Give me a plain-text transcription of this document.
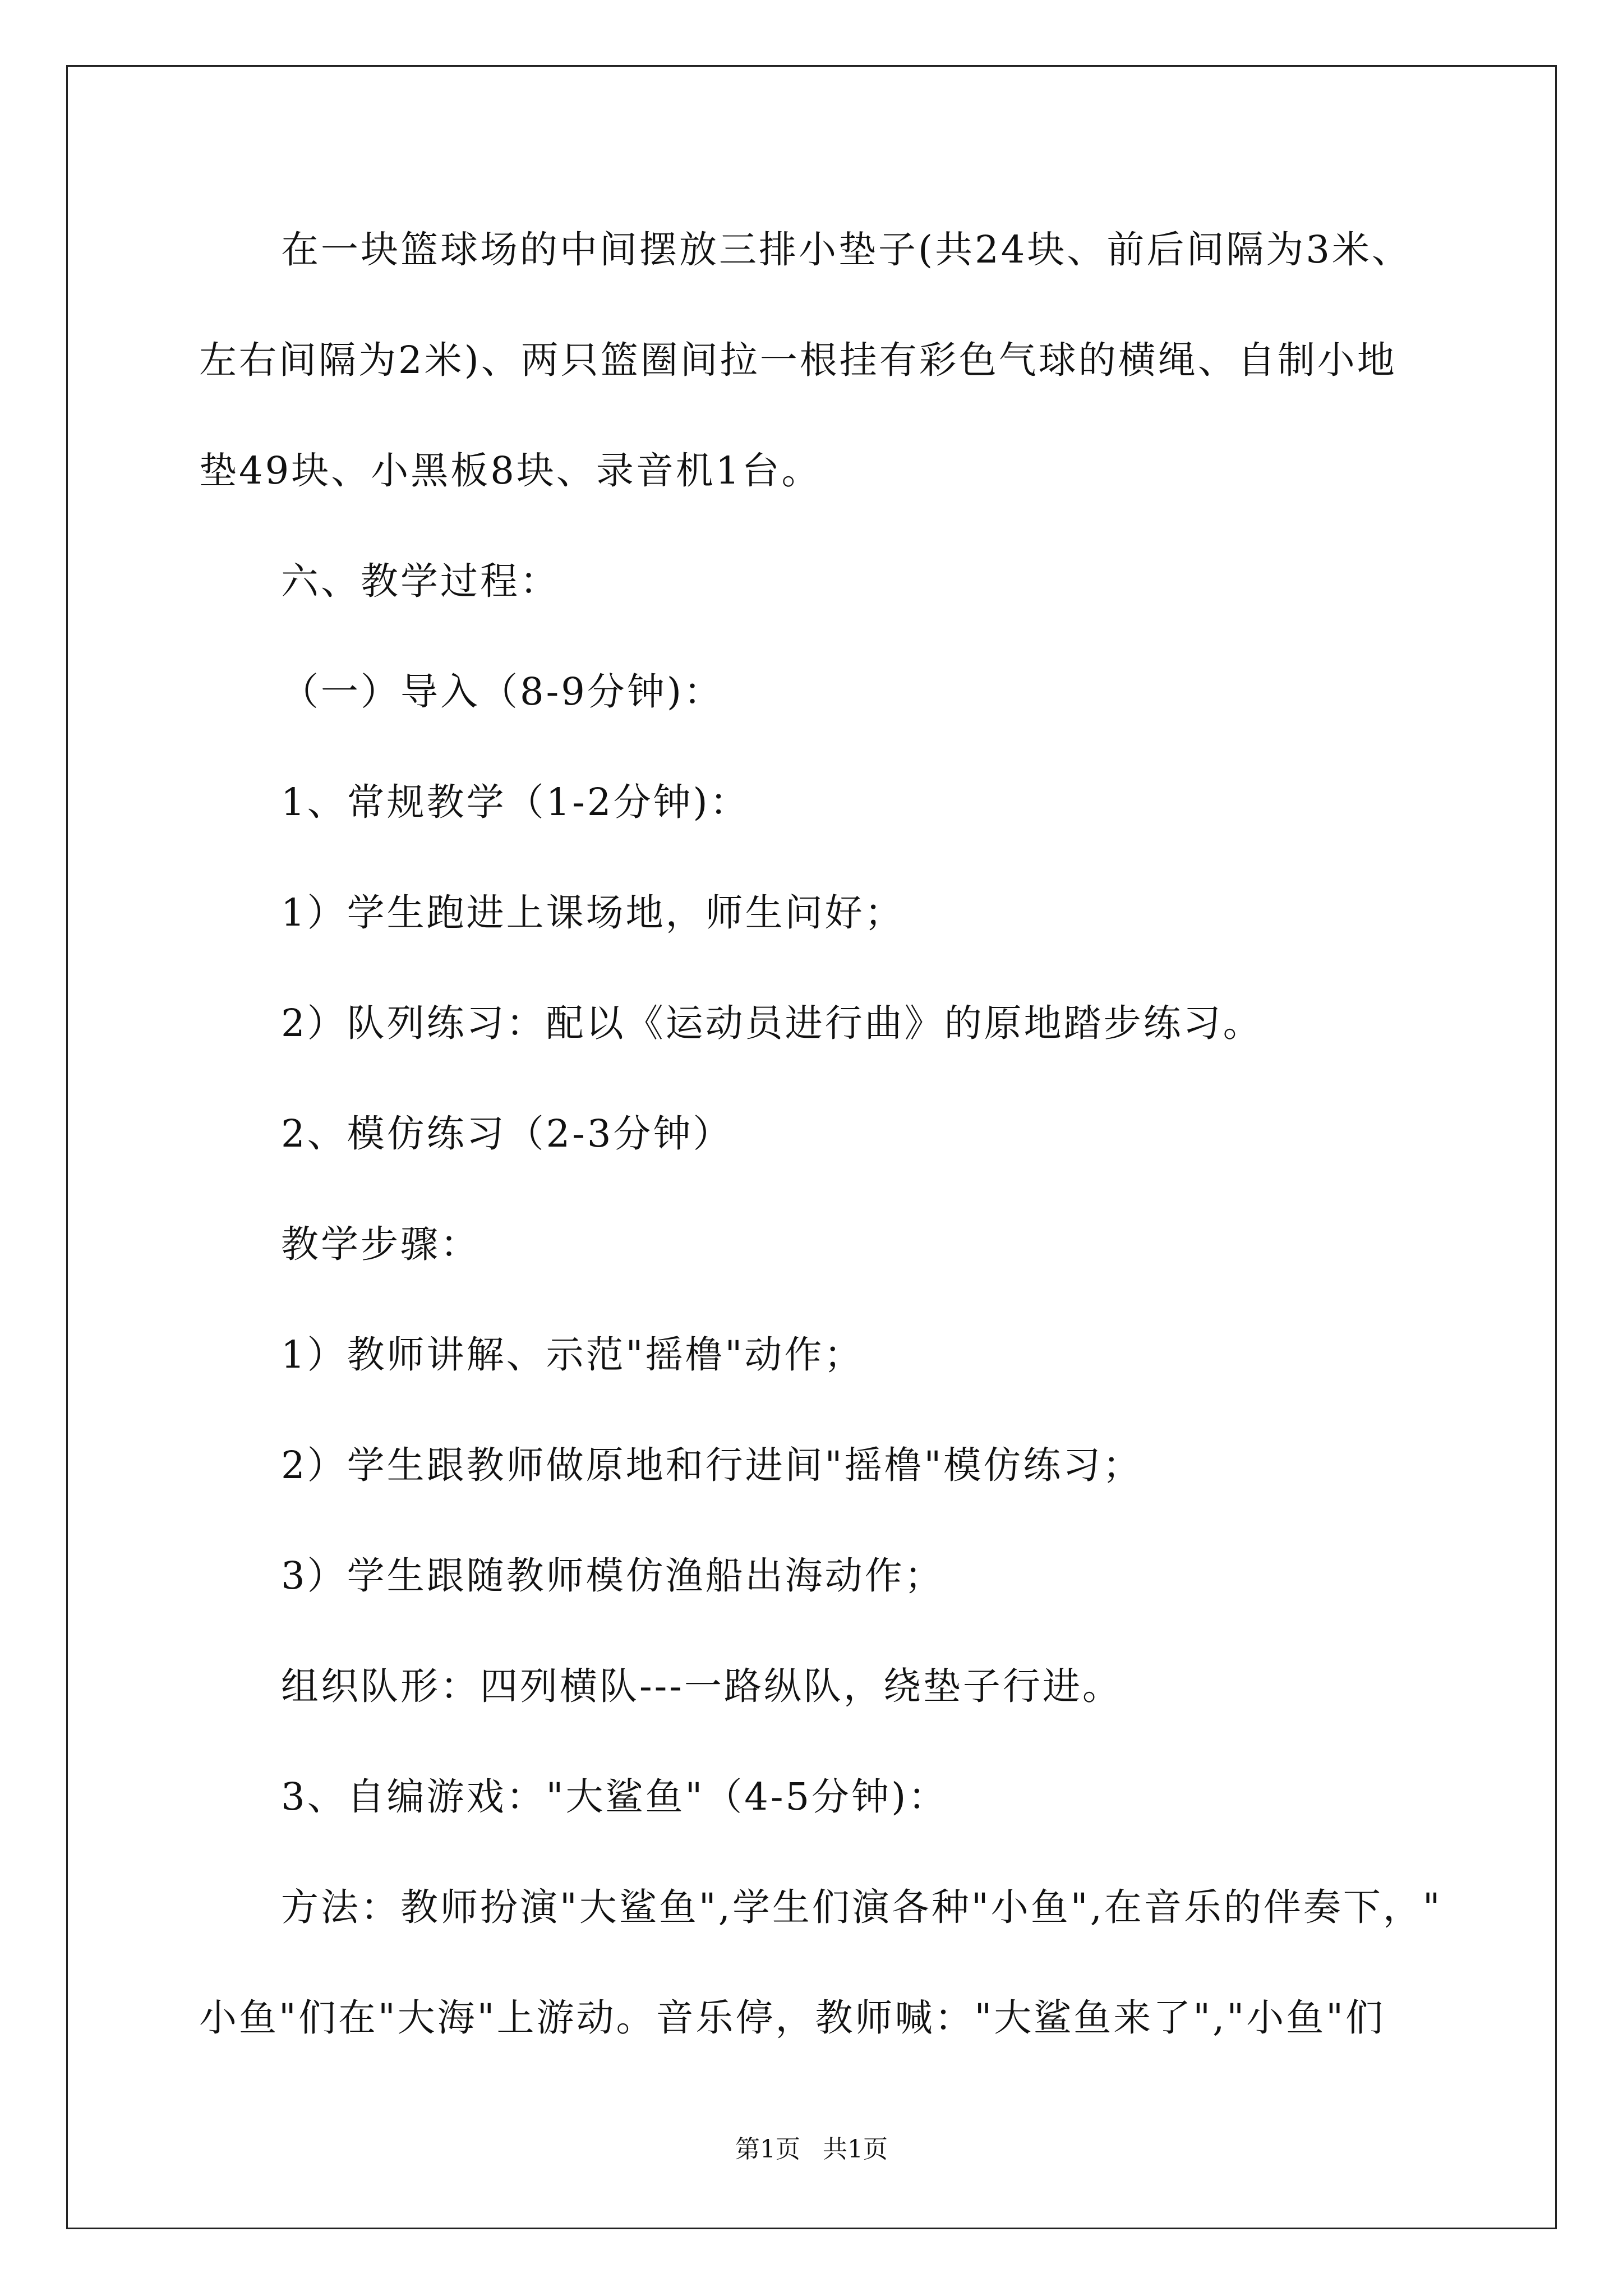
在一块篮球场的中间摆放三排小垫子(共24块、前后间隔为3米、
左右间隔为2米)、两只篮圈间拉一根挂有彩色气球的横绳、自制小地
垫49块、小黑板8块、录音机1台。
六、教学过程：
（一）导入（8-9分钟)：
1、常规教学（1-2分钟)：
1）学生跑进上课场地，师生问好；
2）队列练习：配以《运动员进行曲》的原地踏步练习。
2、模仿练习（2-3分钟）
教学步骤：
1）教师讲解、示范"摇橹"动作；
2）学生跟教师做原地和行进间"摇橹"模仿练习；
3）学生跟随教师模仿渔船出海动作；
组织队形：四列横队---一路纵队，绕垫子行进。
3、自编游戏："大鲨鱼"（4-5分钟)：
方法：教师扮演"大鲨鱼",学生们演各种"小鱼",在音乐的伴奏下，"
小鱼"们在"大海"上游动。音乐停，教师喊："大鲨鱼来了","小鱼"们
第1页 共1页
